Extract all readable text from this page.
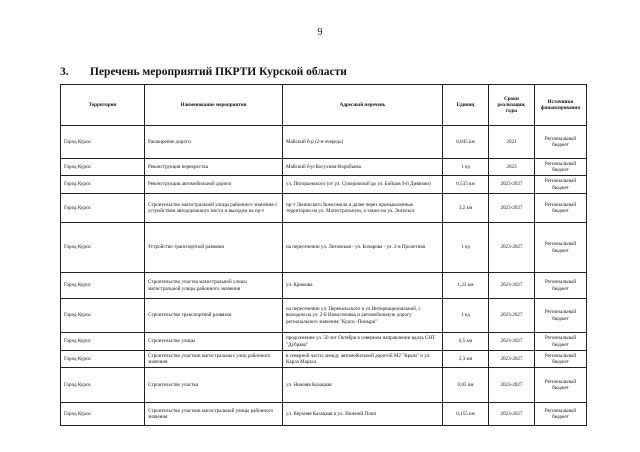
9
3. Перечень мероприятий ПКРТИ Курской области
Территория	Наименование мероприятия	Адресный перечень	Единиц	Сроки реализации, годы	Источники финансирования
Город Курск	Расширение дороги	Майский б-р (2-я очередь)	0,845 км	2021	Региональный бюджет
Город Курск	Реконструкция перекрестка	Майский б-р-Косухина-Воробьева	1 ед	2023	Региональный бюджет
Город Курск	Реконструкция автомобильной дороги	ул. Пигорьевского (от ул. Суворовской до ул. Бойцов 9-й Дивизии)	0,535 км	2023-2027	Региональный бюджет
Город Курск	Строительство магистральной улицы районного значения с устройством автодорожного моста и выходом на пр-т	пр-т Ленинского Комсомола и далее через промышленные территории на ул. Магистральную, а также на ул. Энгельса	3,2 км	2023-2027	Региональный бюджет
Город Курск	Устройство транспортной развязки	на пересечении ул. Литовская - ул. Бочарова - ул. 2-я Пролетная	1 ед	2023-2027	Региональный бюджет
Город Курск	Строительство участка магистральной улицы магистральной улицы районного значения	ул. Крюкова	1,23 км	2023-2027	Региональный бюджет
Город Курск	Строительство транспортной развязки	на пересечении ул. Перекальского и ул.Интернациональной, с выходом на ул. 2-й Новоселовка и автомобильную дорогу регионального значения "Курск -Поныри"	1 ед	2023-2027	Региональный бюджет
Город Курск	Строительство улицы	продолжение ул. 50 лет Октября в северном направлении вдоль СНТ "Дубрава"	6,5 км	2023-2027	Региональный бюджет
Город Курск	Строительство участков магистральных улиц районного значения	в северной части, между автомобильной дорогой М2 "Крым" и ул. Карла Маркса	2,3 км	2023-2027	Региональный бюджет
Город Курск	Строительство участка	ул. Нижняя Казацкая	0,83 км	2023-2027	Региональный бюджет
Город Курск	Строительство участков магистральной улицы районного значения	ул. Верхняя Казацкая и ул. Нижний Плип	0,155 км	2023-2027	Региональный бюджет
